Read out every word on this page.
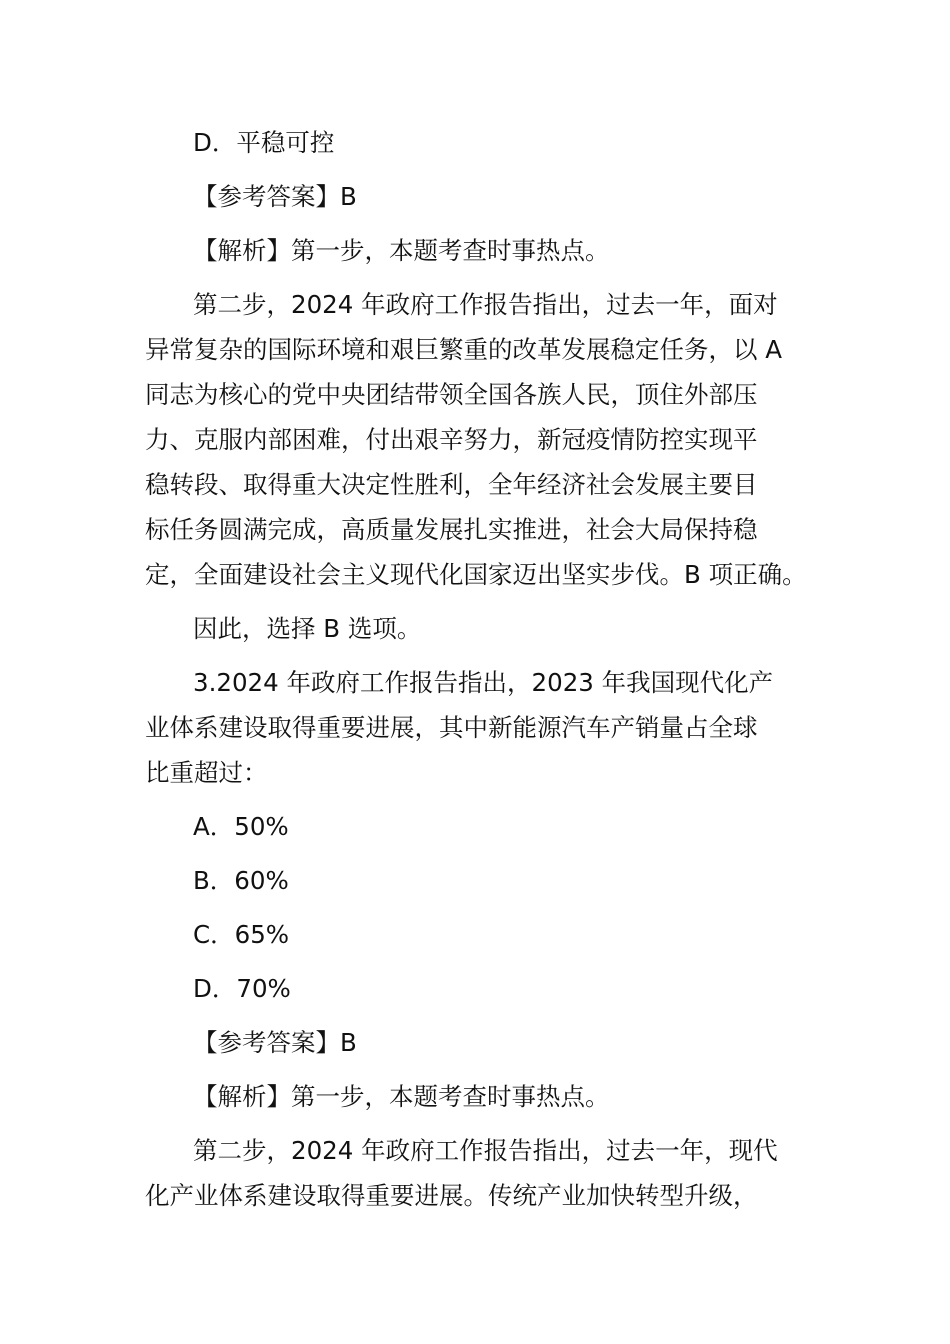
D．平稳可控
【参考答案】B
【解析】第一步，本题考查时事热点。
第二步，2024 年政府工作报告指出，过去一年，面对
异常复杂的国际环境和艰巨繁重的改革发展稳定任务，以 A
同志为核心的党中央团结带领全国各族人民，顶住外部压
力、克服内部困难，付出艰辛努力，新冠疫情防控实现平
稳转段、取得重大决定性胜利，全年经济社会发展主要目
标任务圆满完成，高质量发展扎实推进，社会大局保持稳
定，全面建设社会主义现代化国家迈出坚实步伐。B 项正确。
因此，选择 B 选项。
3.2024 年政府工作报告指出，2023 年我国现代化产
业体系建设取得重要进展，其中新能源汽车产销量占全球
比重超过：
A．50%
B．60%
C．65%
D．70%
【参考答案】B
【解析】第一步，本题考查时事热点。
第二步，2024 年政府工作报告指出，过去一年，现代
化产业体系建设取得重要进展。传统产业加快转型升级，
